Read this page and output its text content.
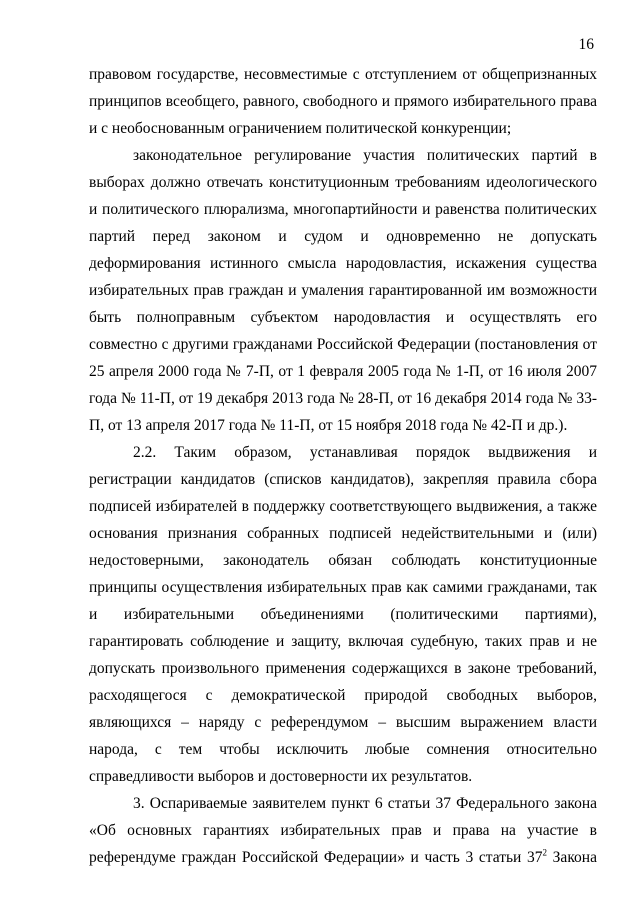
16

правовом государстве, несовместимые с отступлением от общепризнанных принципов всеобщего, равного, свободного и прямого избирательного права и с необоснованным ограничением политической конкуренции;

законодательное регулирование участия политических партий в выборах должно отвечать конституционным требованиям идеологического и политического плюрализма, многопартийности и равенства политических партий перед законом и судом и одновременно не допускать деформирования истинного смысла народовластия, искажения существа избирательных прав граждан и умаления гарантированной им возможности быть полноправным субъектом народовластия и осуществлять его совместно с другими гражданами Российской Федерации (постановления от 25 апреля 2000 года № 7-П, от 1 февраля 2005 года № 1-П, от 16 июля 2007 года № 11-П, от 19 декабря 2013 года № 28-П, от 16 декабря 2014 года № 33-П, от 13 апреля 2017 года № 11-П, от 15 ноября 2018 года № 42-П и др.).

2.2. Таким образом, устанавливая порядок выдвижения и регистрации кандидатов (списков кандидатов), закрепляя правила сбора подписей избирателей в поддержку соответствующего выдвижения, а также основания признания собранных подписей недействительными и (или) недостоверными, законодатель обязан соблюдать конституционные принципы осуществления избирательных прав как самими гражданами, так и избирательными объединениями (политическими партиями), гарантировать соблюдение и защиту, включая судебную, таких прав и не допускать произвольного применения содержащихся в законе требований, расходящегося с демократической природой свободных выборов, являющихся – наряду с референдумом – высшим выражением власти народа, с тем чтобы исключить любые сомнения относительно справедливости выборов и достоверности их результатов.

3. Оспариваемые заявителем пункт 6 статьи 37 Федерального закона «Об основных гарантиях избирательных прав и права на участие в референдуме граждан Российской Федерации» и часть 3 статьи $37^2$ Закона
